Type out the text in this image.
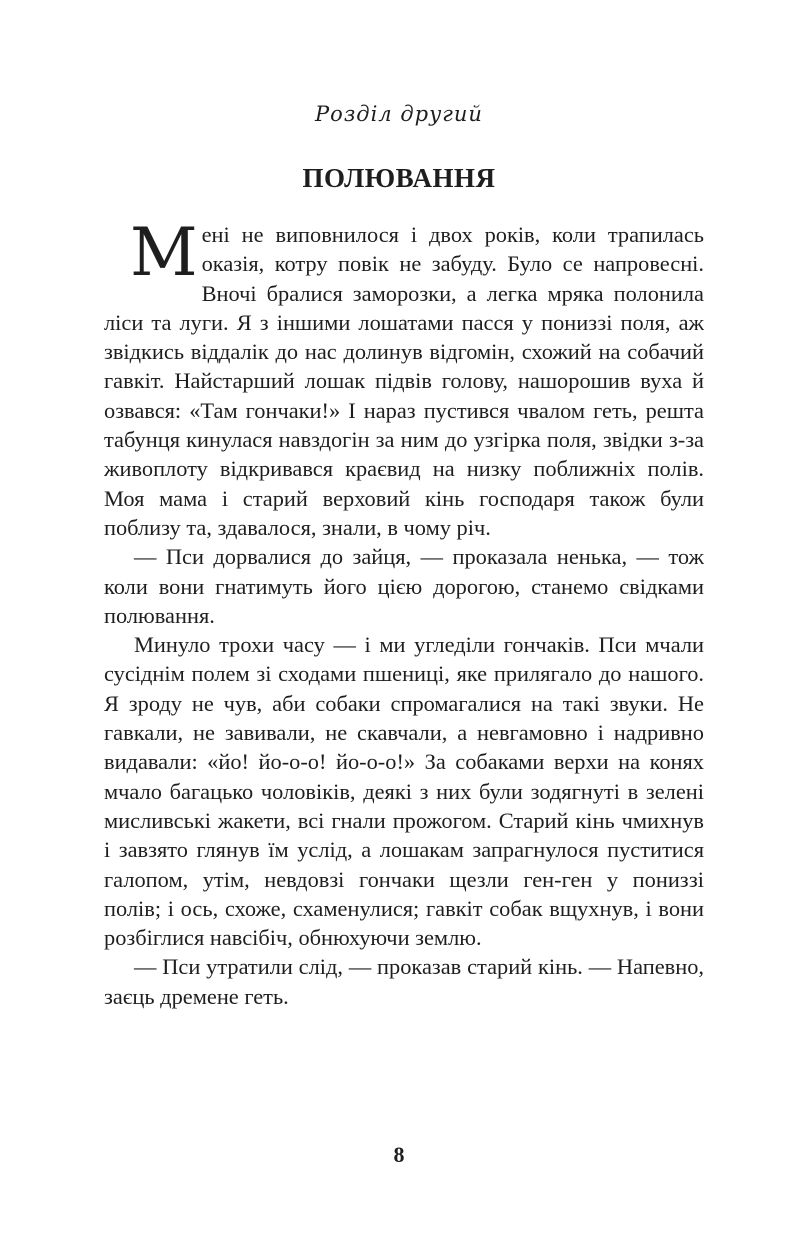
Розділ другий
ПОЛЮВАННЯ

Мені не виповнилося і двох років, коли трапилась оказія, котру повік не забуду. Було се напровесні. Вночі бралися заморозки, а легка мряка полонила ліси та луги. Я з іншими лошатами пасся у пониззі поля, аж звідкись віддалік до нас долинув відгомін, схожий на собачий гавкіт. Найстарший лошак підвів голову, нашорошив вуха й озвався: «Там гончаки!» І нараз пустився чвалом геть, решта табунця кинулася навздогін за ним до узгірка поля, звідки з-за живоплоту відкривався краєвид на низку поближніх полів. Моя мама і старий верховий кінь господаря також були поблизу та, здавалося, знали, в чому річ.

— Пси дорвалися до зайця, — проказала ненька, — тож коли вони гнатимуть його цією дорогою, станемо свідками полювання.

Минуло трохи часу — і ми угледіли гончаків. Пси мчали сусіднім полем зі сходами пшениці, яке прилягало до нашого. Я зроду не чув, аби собаки спромагалися на такі звуки. Не гавкали, не завивали, не скавчали, а невгамовно і надривно видавали: «йо! йо-о-о! йо-о-о!» За собаками верхи на конях мчало багацько чоловіків, деякі з них були зодягнуті в зелені мисливські жакети, всі гнали прожогом. Старий кінь чмихнув і завзято глянув їм услід, а лошакам запрагнулося пуститися галопом, утім, невдовзі гончаки щезли ген-ген у пониззі полів; і ось, схоже, схаменулися; гавкіт собак вщухнув, і вони розбіглися навсібіч, обнюхуючи землю.

— Пси утратили слід, — проказав старий кінь. — Напевно, заєць дремене геть.

8
